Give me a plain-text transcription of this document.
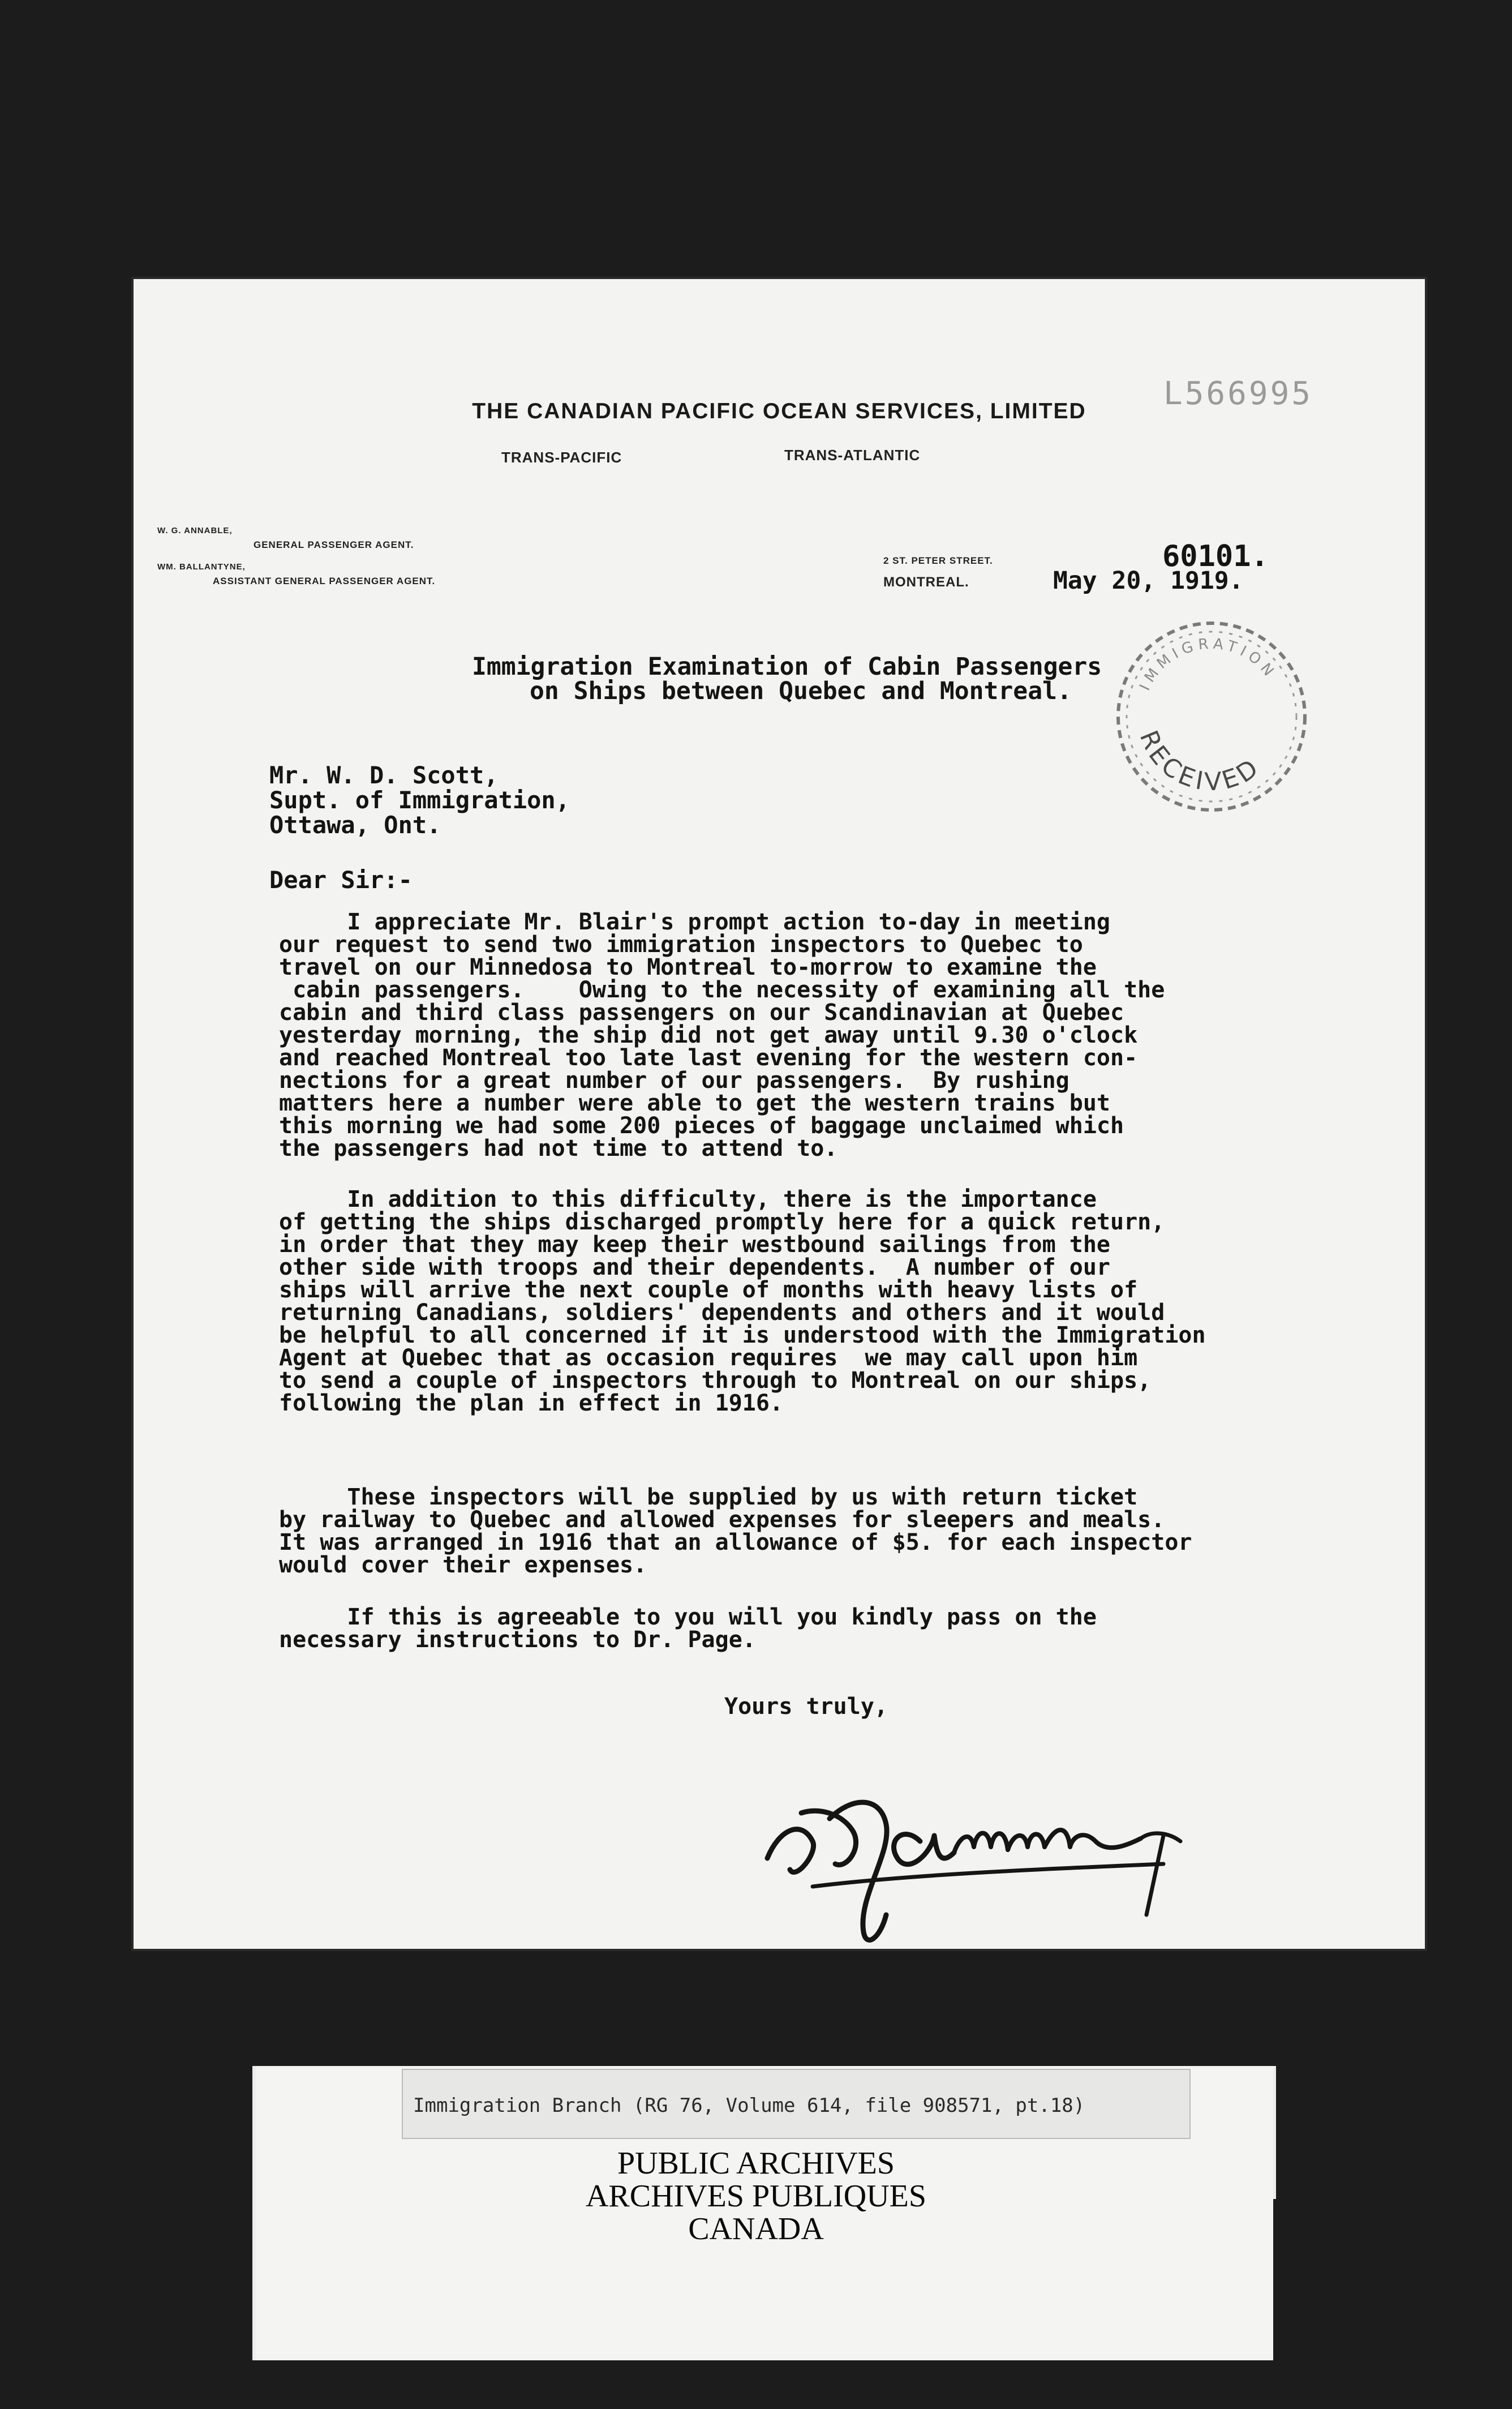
L566995
THE CANADIAN PACIFIC OCEAN SERVICES, LIMITED
TRANS-PACIFIC	TRANS-ATLANTIC
W. G. ANNABLE,
GENERAL PASSENGER AGENT.
WM. BALLANTYNE,
ASSISTANT GENERAL PASSENGER AGENT.
2 ST. PETER STREET.
MONTREAL.
60101.
May 20, 1919.
RECEIVED
IMMIGRATION
Immigration Examination of Cabin Passengers
on Ships between Quebec and Montreal.
Mr. W. D. Scott,
Supt. of Immigration,
Ottawa, Ont.
Dear Sir:-
I appreciate Mr. Blair's prompt action to-day in meeting
our request to send two immigration inspectors to Quebec to
travel on our Minnedosa to Montreal to-morrow to examine the
cabin passengers.    Owing to the necessity of examining all the
cabin and third class passengers on our Scandinavian at Quebec
yesterday morning, the ship did not get away until 9.30 o'clock
and reached Montreal too late last evening for the western con-
nections for a great number of our passengers.  By rushing
matters here a number were able to get the western trains but
this morning we had some 200 pieces of baggage unclaimed which
the passengers had not time to attend to.
In addition to this difficulty, there is the importance
of getting the ships discharged promptly here for a quick return,
in order that they may keep their westbound sailings from the
other side with troops and their dependents.  A number of our
ships will arrive the next couple of months with heavy lists of
returning Canadians, soldiers' dependents and others and it would
be helpful to all concerned if it is understood with the Immigration
Agent at Quebec that as occasion requires  we may call upon him
to send a couple of inspectors through to Montreal on our ships,
following the plan in effect in 1916.
These inspectors will be supplied by us with return ticket
by railway to Quebec and allowed expenses for sleepers and meals.
It was arranged in 1916 that an allowance of $5. for each inspector
would cover their expenses.
If this is agreeable to you will you kindly pass on the
necessary instructions to Dr. Page.
Yours truly,
Immigration Branch (RG 76, Volume 614, file 908571, pt.18)
PUBLIC ARCHIVES
ARCHIVES PUBLIQUES
CANADA
